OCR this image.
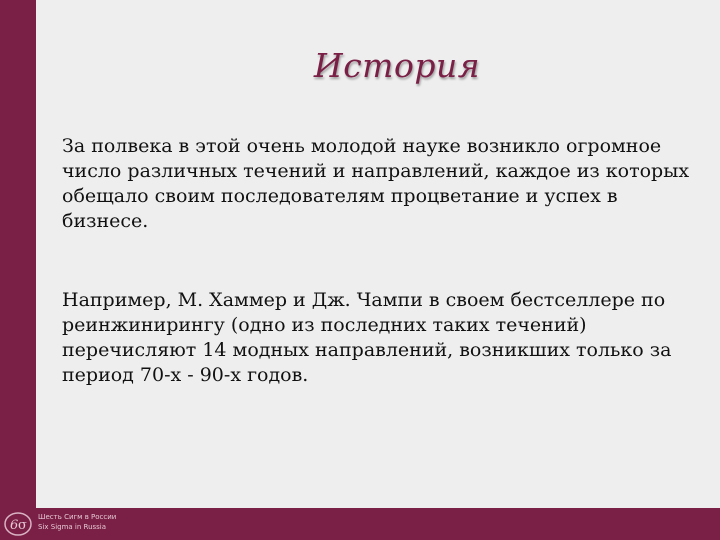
История
За полвека в этой очень молодой науке возникло огромное число различных течений и направлений, каждое из которых обещало своим последователям процветание и успех в бизнесе.
Например, М. Хаммер и Дж. Чампи в своем бестселлере по реинжинирингу (одно из последних таких течений) перечисляют 14 модных направлений, возникших только за период 70-х - 90-х годов.
6 σ
Шесть Сигм в России
Six Sigma in Russia
